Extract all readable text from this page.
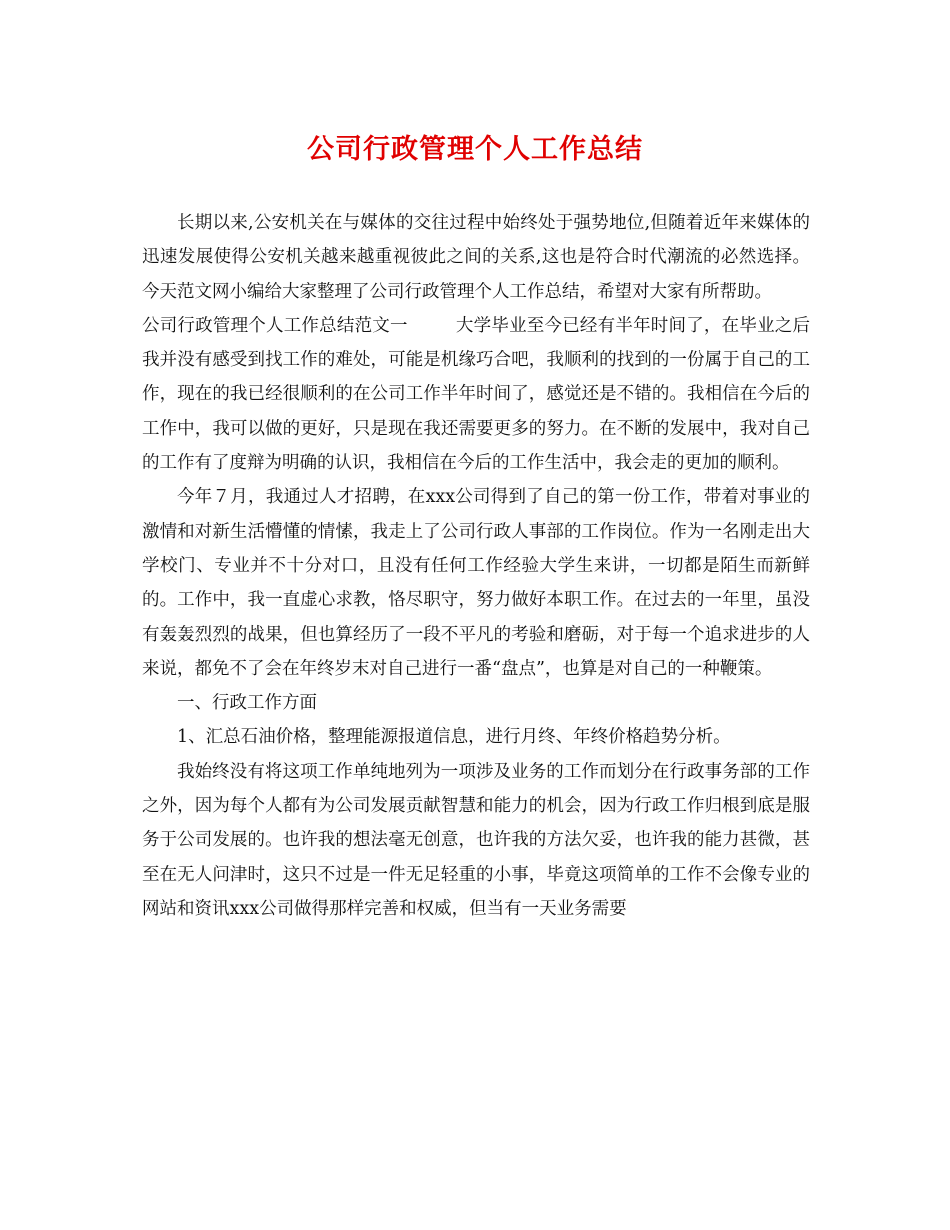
公司行政管理个人工作总结

长期以来,公安机关在与媒体的交往过程中始终处于强势地位,但随着近年来媒体的迅速发展使得公安机关越来越重视彼此之间的关系,这也是符合时代潮流的必然选择。今天范文网小编给大家整理了公司行政管理个人工作总结，希望对大家有所帮助。

公司行政管理个人工作总结范文一	大学毕业至今已经有半年时间了，在毕业之后我并没有感受到找工作的难处，可能是机缘巧合吧，我顺利的找到的一份属于自己的工作，现在的我已经很顺利的在公司工作半年时间了，感觉还是不错的。我相信在今后的工作中，我可以做的更好，只是现在我还需要更多的努力。在不断的发展中，我对自己的工作有了度辩为明确的认识，我相信在今后的工作生活中，我会走的更加的顺利。

今年７月，我通过人才招聘，在xxx公司得到了自己的第一份工作，带着对事业的激情和对新生活懵懂的情愫，我走上了公司行政人事部的工作岗位。作为一名刚走出大学校门、专业并不十分对口，且没有任何工作经验大学生来讲，一切都是陌生而新鲜的。工作中，我一直虚心求教，恪尽职守，努力做好本职工作。在过去的一年里，虽没有轰轰烈烈的战果，但也算经历了一段不平凡的考验和磨砺，对于每一个追求进步的人来说，都免不了会在年终岁末对自己进行一番“盘点”，也算是对自己的一种鞭策。

一、行政工作方面

1、汇总石油价格，整理能源报道信息，进行月终、年终价格趋势分析。

我始终没有将这项工作单纯地列为一项涉及业务的工作而划分在行政事务部的工作之外，因为每个人都有为公司发展贡献智慧和能力的机会，因为行政工作归根到底是服务于公司发展的。也许我的想法毫无创意，也许我的方法欠妥，也许我的能力甚微，甚至在无人问津时，这只不过是一件无足轻重的小事，毕竟这项简单的工作不会像专业的网站和资讯xxx公司做得那样完善和权威，但当有一天业务需要
